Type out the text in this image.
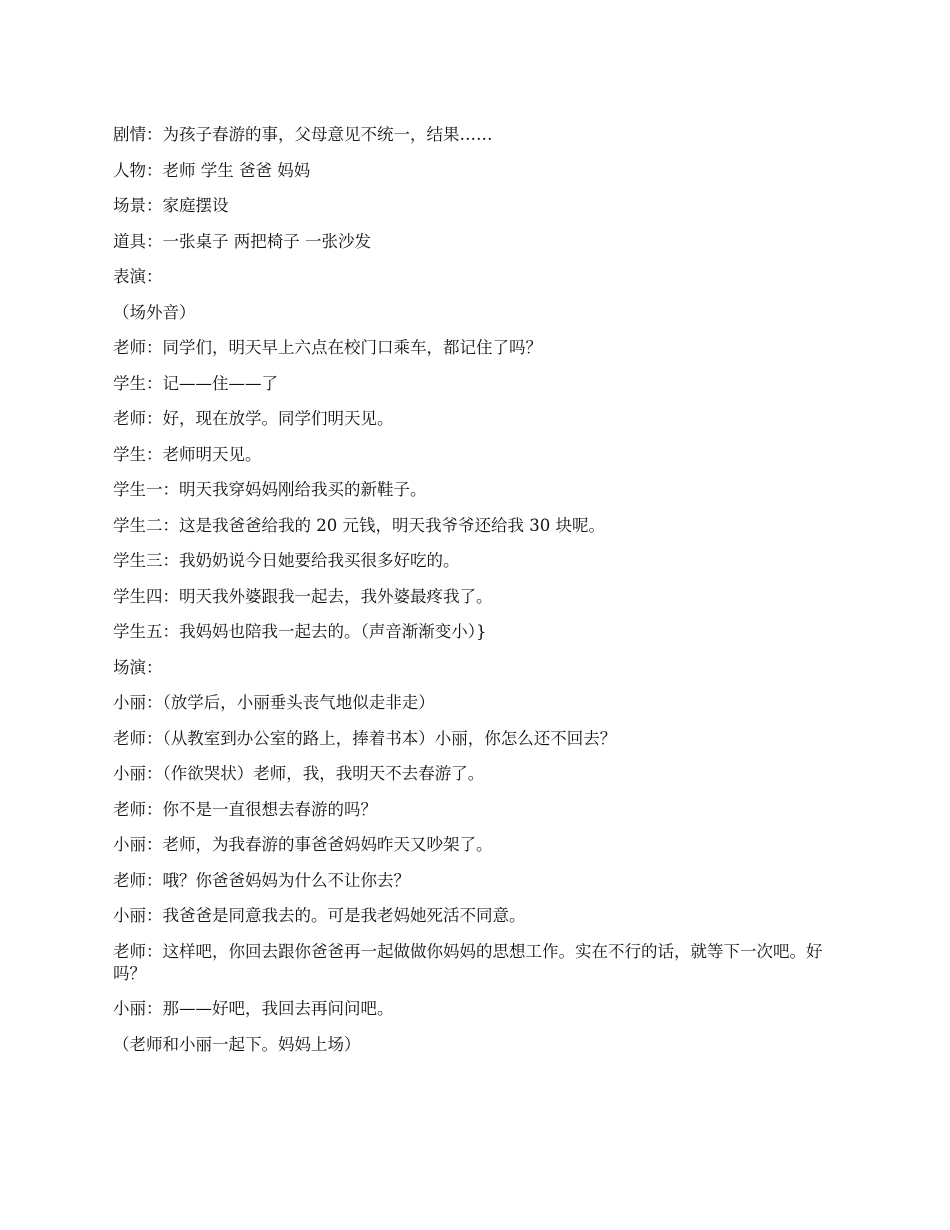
剧情：为孩子春游的事，父母意见不统一，结果……

人物：老师 学生 爸爸 妈妈

场景：家庭摆设

道具：一张桌子 两把椅子 一张沙发

表演：

（场外音）

老师：同学们，明天早上六点在校门口乘车，都记住了吗？

学生：记——住——了

老师：好，现在放学。同学们明天见。

学生：老师明天见。

学生一：明天我穿妈妈刚给我买的新鞋子。

学生二：这是我爸爸给我的 20 元钱，明天我爷爷还给我 30 块呢。

学生三：我奶奶说今日她要给我买很多好吃的。

学生四：明天我外婆跟我一起去，我外婆最疼我了。

学生五：我妈妈也陪我一起去的。（声音渐渐变小）}

场演：

小丽：（放学后，小丽垂头丧气地似走非走）

老师：（从教室到办公室的路上，捧着书本）小丽，你怎么还不回去？

小丽：（作欲哭状）老师，我，我明天不去春游了。

老师：你不是一直很想去春游的吗？

小丽：老师，为我春游的事爸爸妈妈昨天又吵架了。

老师：哦？你爸爸妈妈为什么不让你去？

小丽：我爸爸是同意我去的。可是我老妈她死活不同意。

老师：这样吧，你回去跟你爸爸再一起做做你妈妈的思想工作。实在不行的话，就等下一次吧。好吗？

小丽：那——好吧，我回去再问问吧。

（老师和小丽一起下。妈妈上场）
